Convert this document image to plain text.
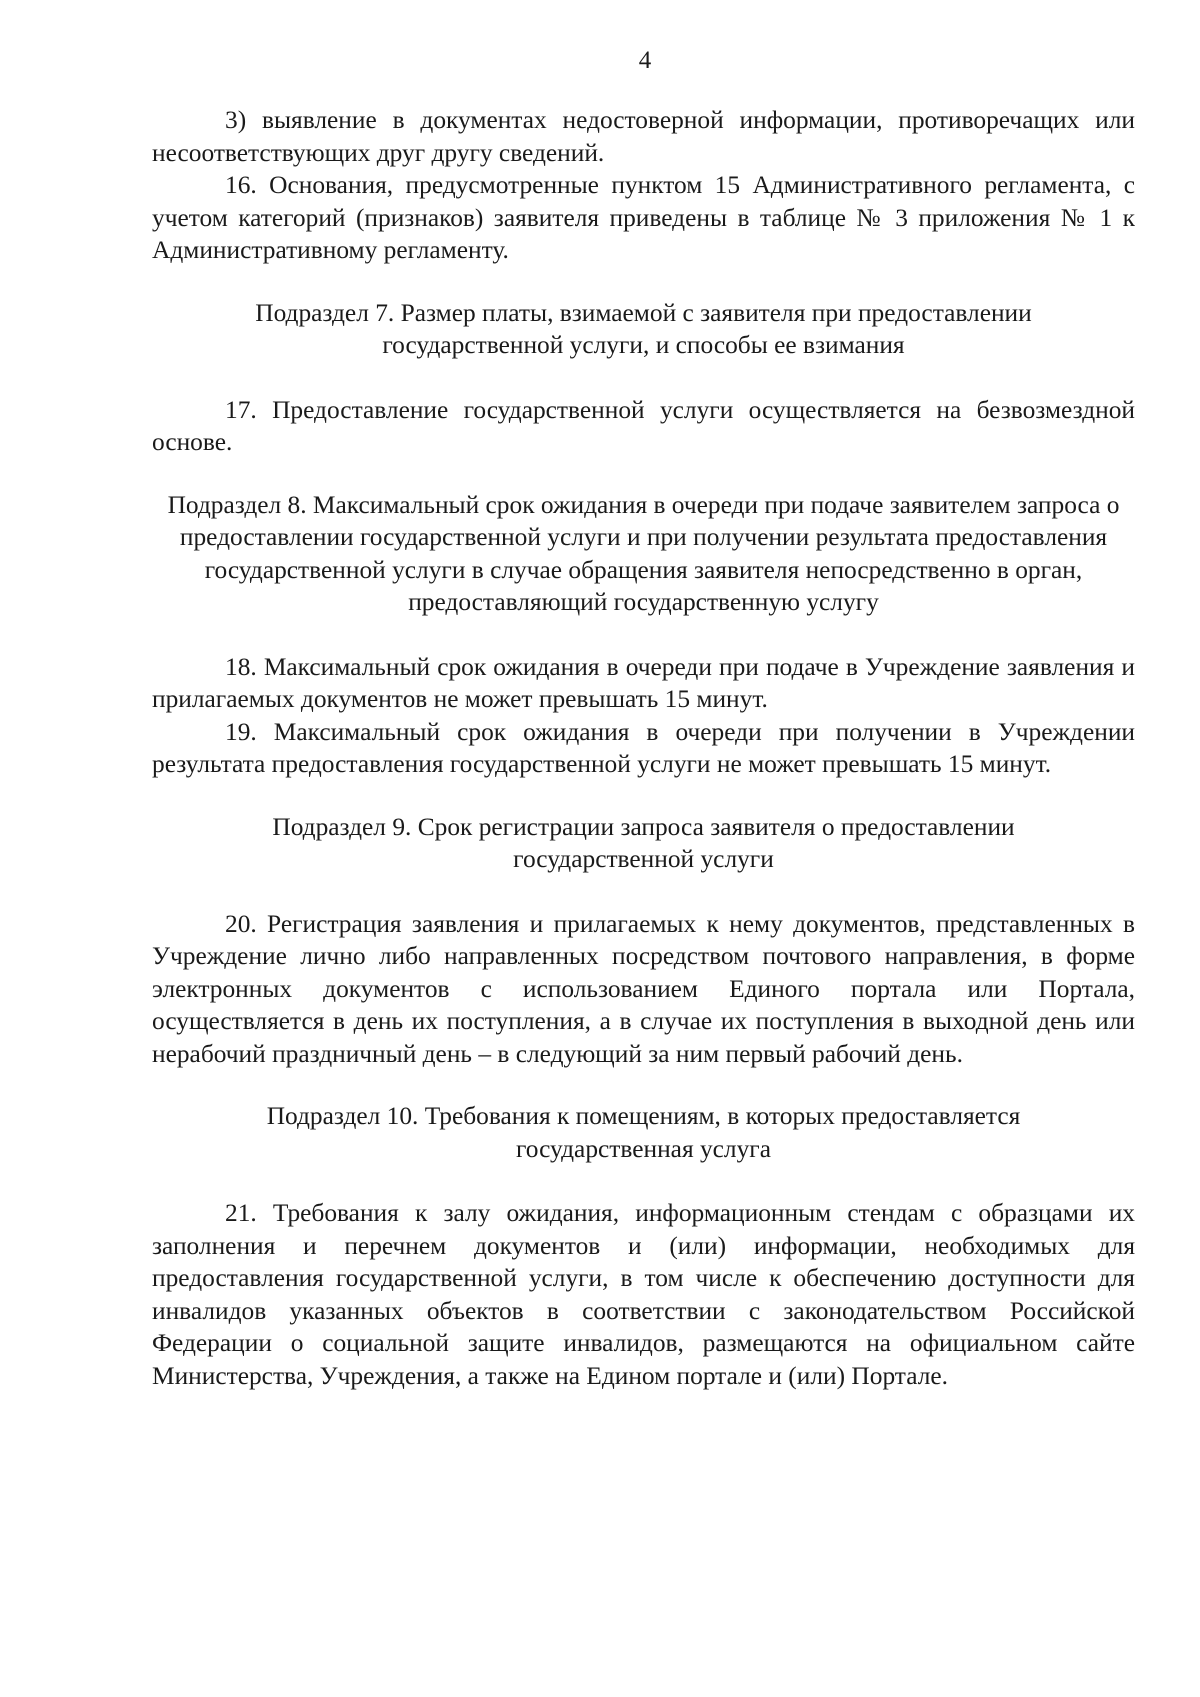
4

3) выявление в документах недостоверной информации, противоречащих или несоответствующих друг другу сведений.

16. Основания, предусмотренные пунктом 15 Административного регламента, с учетом категорий (признаков) заявителя приведены в таблице № 3 приложения № 1 к Административному регламенту.

Подраздел 7. Размер платы, взимаемой с заявителя при предоставлении государственной услуги, и способы ее взимания

17. Предоставление государственной услуги осуществляется на безвозмездной основе.

Подраздел 8. Максимальный срок ожидания в очереди при подаче заявителем запроса о предоставлении государственной услуги и при получении результата предоставления государственной услуги в случае обращения заявителя непосредственно в орган, предоставляющий государственную услугу

18. Максимальный срок ожидания в очереди при подаче в Учреждение заявления и прилагаемых документов не может превышать 15 минут.

19. Максимальный срок ожидания в очереди при получении в Учреждении результата предоставления государственной услуги не может превышать 15 минут.

Подраздел 9. Срок регистрации запроса заявителя о предоставлении государственной услуги

20. Регистрация заявления и прилагаемых к нему документов, представленных в Учреждение лично либо направленных посредством почтового направления, в форме электронных документов с использованием Единого портала или Портала, осуществляется в день их поступления, а в случае их поступления в выходной день или нерабочий праздничный день – в следующий за ним первый рабочий день.

Подраздел 10. Требования к помещениям, в которых предоставляется государственная услуга

21. Требования к залу ожидания, информационным стендам с образцами их заполнения и перечнем документов и (или) информации, необходимых для предоставления государственной услуги, в том числе к обеспечению доступности для инвалидов указанных объектов в соответствии с законодательством Российской Федерации о социальной защите инвалидов, размещаются на официальном сайте Министерства, Учреждения, а также на Едином портале и (или) Портале.
